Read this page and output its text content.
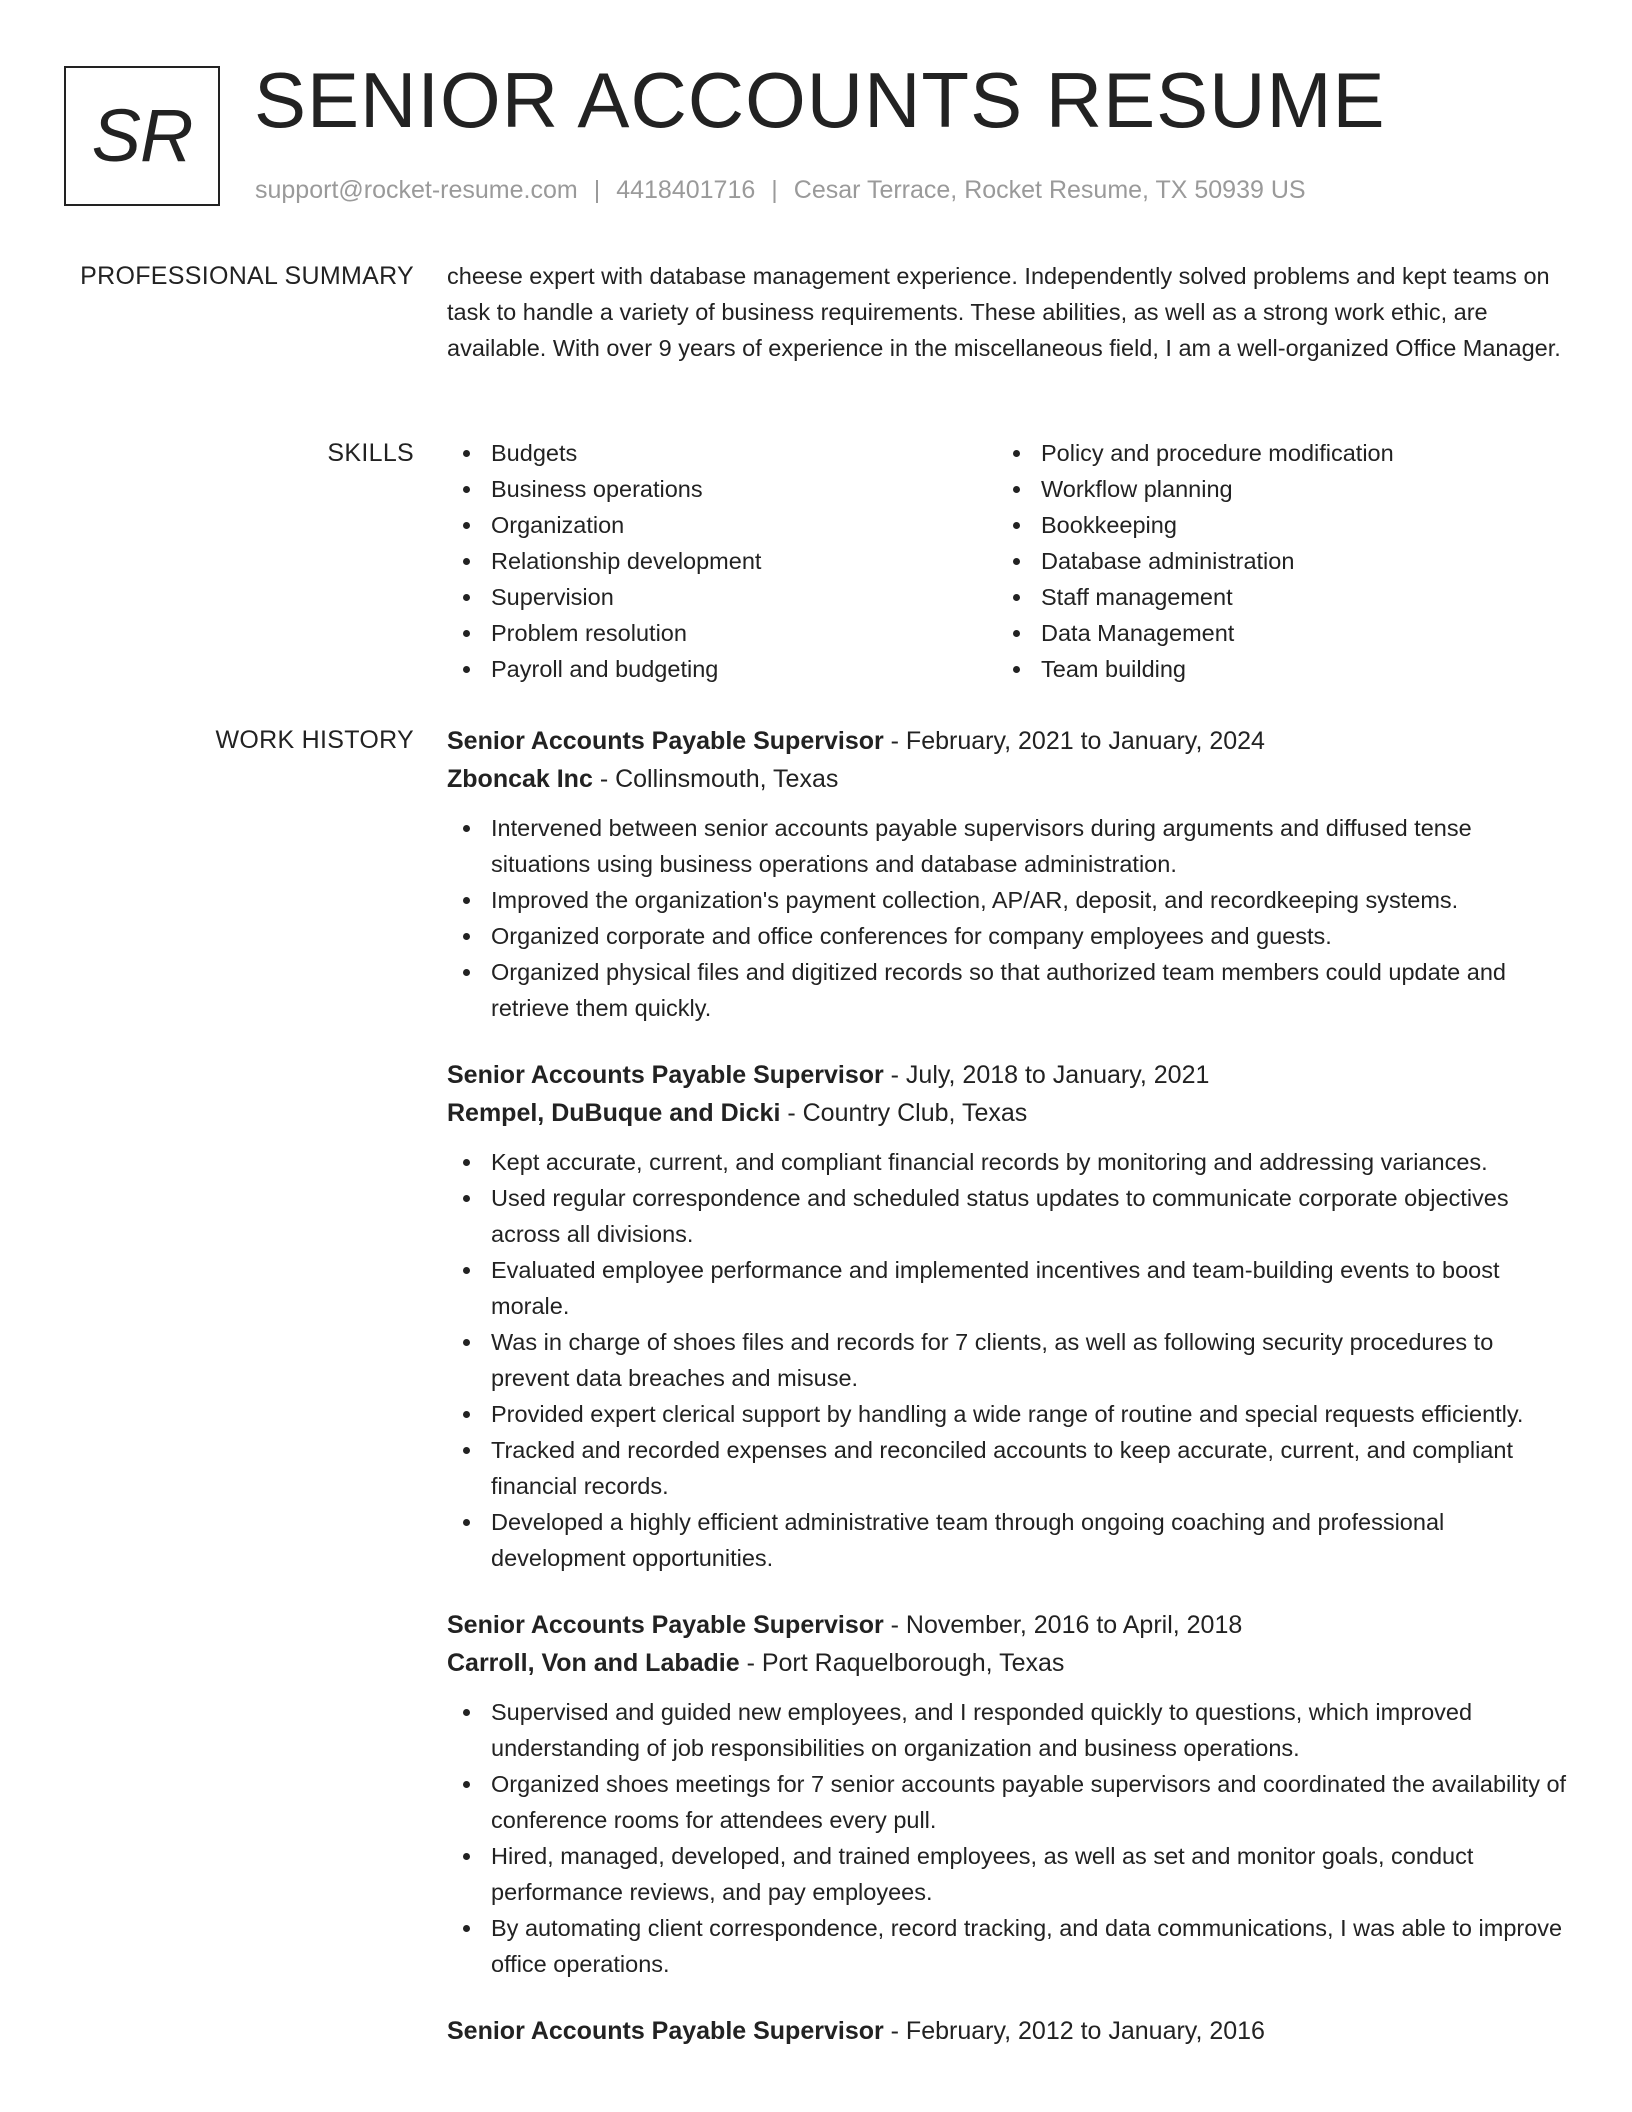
SR SENIOR ACCOUNTS RESUME
support@rocket-resume.com | 4418401716 | Cesar Terrace, Rocket Resume, TX 50939 US
PROFESSIONAL SUMMARY cheese expert with database management experience. Independently solved problems and kept teams on task to handle a variety of business requirements. These abilities, as well as a strong work ethic, are available. With over 9 years of experience in the miscellaneous field, I am a well-organized Office Manager.

SKILLS	Budgets
Business operations
Organization
Relationship development
Supervision
Problem resolution
Payroll and budgeting
Policy and procedure modification
Workflow planning
Bookkeeping
Database administration
Staff management
Data Management
Team building
WORK HISTORY Senior Accounts Payable Supervisor - February, 2021 to January, 2024
Zboncak Inc - Collinsmouth, Texas
Intervened between senior accounts payable supervisors during arguments and diffused tense situations using business operations and database administration.
Improved the organization's payment collection, AP/AR, deposit, and recordkeeping systems.
Organized corporate and office conferences for company employees and guests.
Organized physical files and digitized records so that authorized team members could update and retrieve them quickly.
Senior Accounts Payable Supervisor - July, 2018 to January, 2021
Rempel, DuBuque and Dicki - Country Club, Texas
Kept accurate, current, and compliant financial records by monitoring and addressing variances.
Used regular correspondence and scheduled status updates to communicate corporate objectives across all divisions.
Evaluated employee performance and implemented incentives and team-building events to boost morale.
Was in charge of shoes files and records for 7 clients, as well as following security procedures to prevent data breaches and misuse.
Provided expert clerical support by handling a wide range of routine and special requests efficiently.
Tracked and recorded expenses and reconciled accounts to keep accurate, current, and compliant financial records.
Developed a highly efficient administrative team through ongoing coaching and professional development opportunities.
Senior Accounts Payable Supervisor - November, 2016 to April, 2018
Carroll, Von and Labadie - Port Raquelborough, Texas
Supervised and guided new employees, and I responded quickly to questions, which improved understanding of job responsibilities on organization and business operations.
Organized shoes meetings for 7 senior accounts payable supervisors and coordinated the availability of conference rooms for attendees every pull.
Hired, managed, developed, and trained employees, as well as set and monitor goals, conduct performance reviews, and pay employees.
By automating client correspondence, record tracking, and data communications, I was able to improve office operations.
Senior Accounts Payable Supervisor - February, 2012 to January, 2016
